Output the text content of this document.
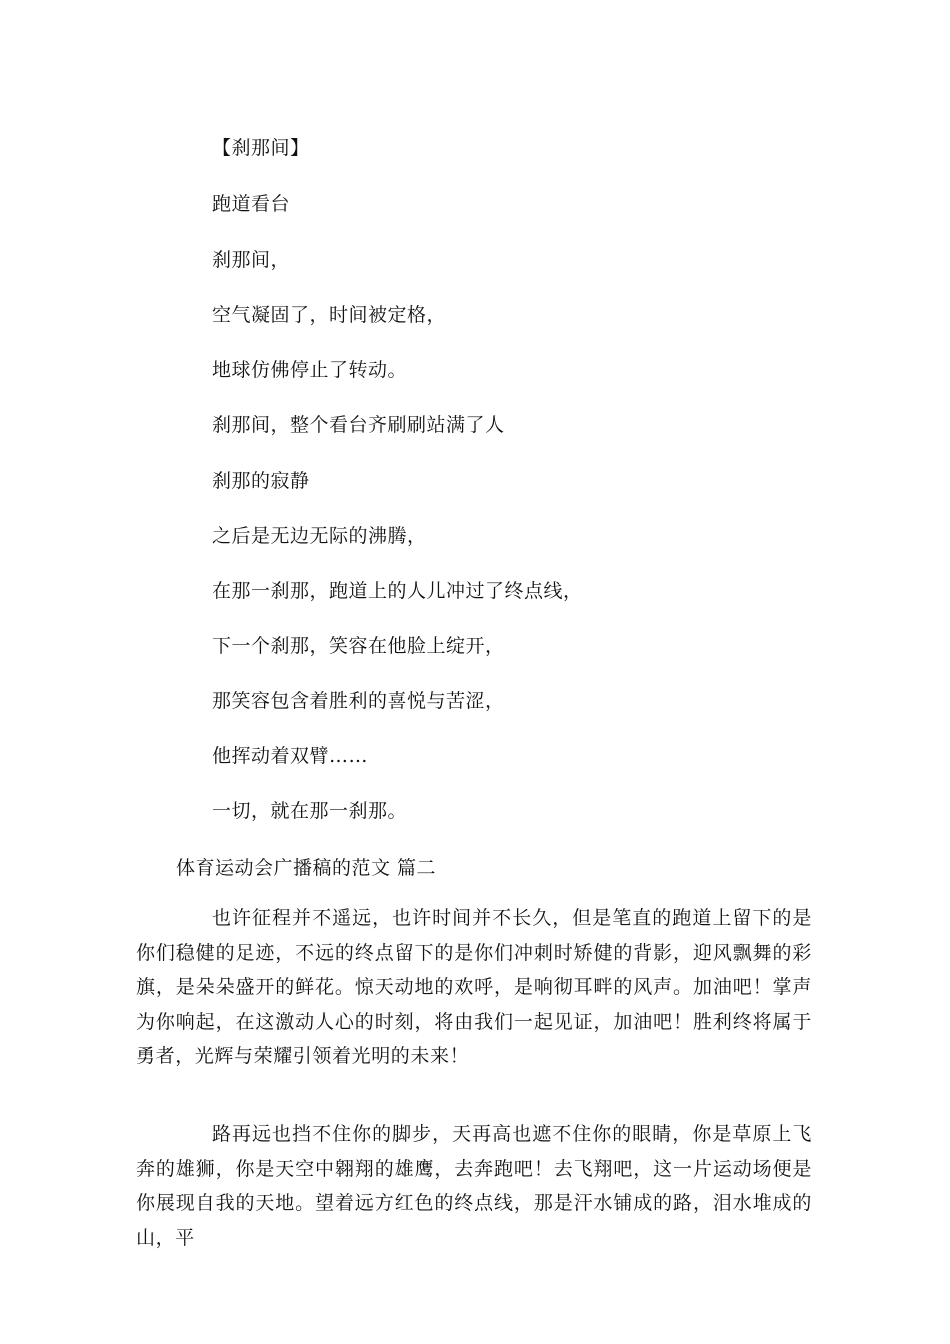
【刹那间】
跑道看台
刹那间，
空气凝固了，时间被定格，
地球仿佛停止了转动。
刹那间，整个看台齐刷刷站满了人
刹那的寂静
之后是无边无际的沸腾，
在那一刹那，跑道上的人儿冲过了终点线，
下一个刹那，笑容在他脸上绽开，
那笑容包含着胜利的喜悦与苦涩，
他挥动着双臂……
一切，就在那一刹那。
体育运动会广播稿的范文 篇二

也许征程并不遥远，也许时间并不长久，但是笔直的跑道上留下的是你们稳健的足迹，不远的终点留下的是你们冲刺时矫健的背影，迎风飘舞的彩旗，是朵朵盛开的鲜花。惊天动地的欢呼，是响彻耳畔的风声。加油吧！掌声为你响起，在这激动人心的时刻，将由我们一起见证，加油吧！胜利终将属于勇者，光辉与荣耀引领着光明的未来！

路再远也挡不住你的脚步，天再高也遮不住你的眼睛，你是草原上飞奔的雄狮，你是天空中翱翔的雄鹰，去奔跑吧！去飞翔吧，这一片运动场便是你展现自我的天地。望着远方红色的终点线，那是汗水铺成的路，泪水堆成的山，平
